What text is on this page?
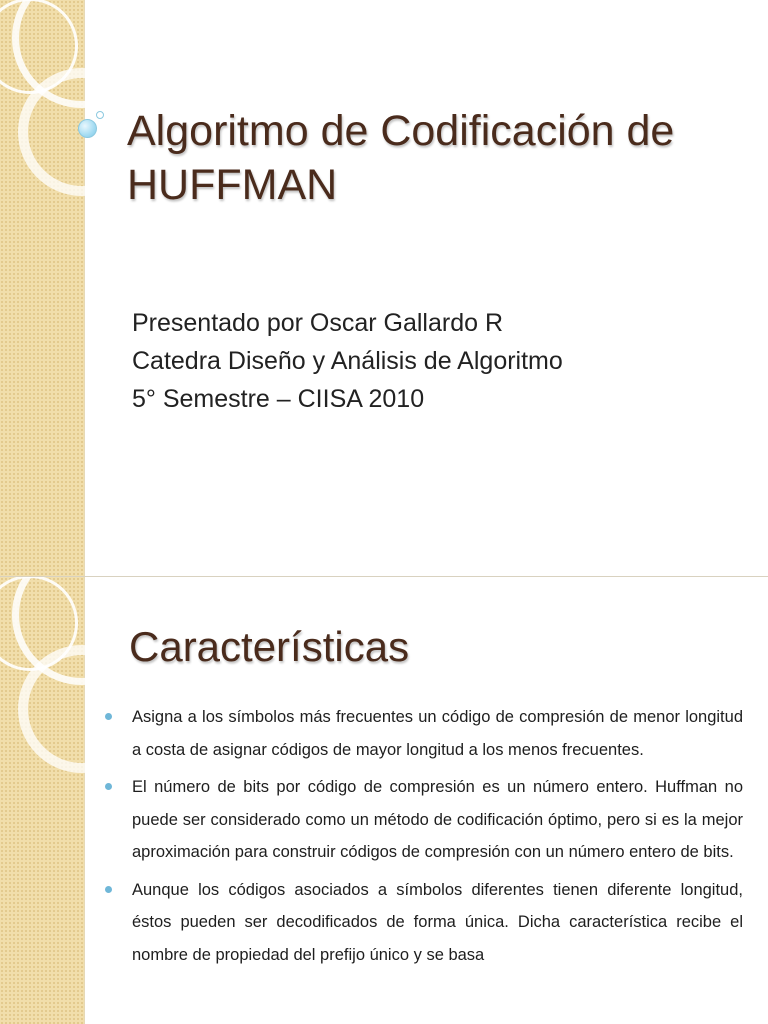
Algoritmo de Codificación de
HUFFMAN
Presentado por Oscar Gallardo R
Catedra Diseño y Análisis de Algoritmo
5° Semestre – CIISA 2010
Características
Asigna a los símbolos más frecuentes un código de compresión de menor longitud a costa de asignar códigos de mayor longitud a los menos frecuentes.
El número de bits por código de compresión es un número entero. Huffman no puede ser considerado como un método de codificación óptimo, pero si es la mejor aproximación para construir códigos de compresión con un número entero de bits.
Aunque los códigos asociados a símbolos diferentes tienen diferente longitud, éstos pueden ser decodificados de forma única. Dicha característica recibe el nombre de propiedad del prefijo único y se basa
